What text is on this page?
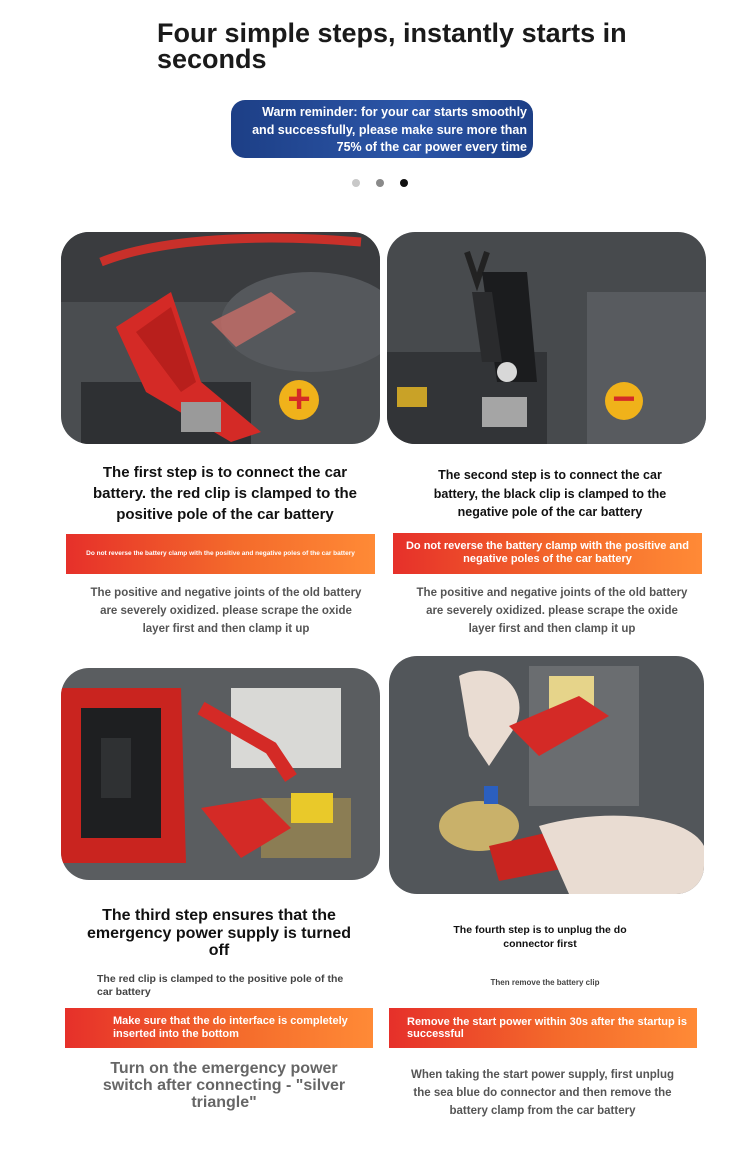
Four simple steps, instantly starts in seconds
Warm reminder: for your car starts smoothly and successfully, please make sure more than 75% of the car power every time
+	−
The first step is to connect the car battery. the red clip is clamped to the positive pole of the car battery
Do not reverse the battery clamp with the positive and negative poles of the car battery
The positive and negative joints of the old battery are severely oxidized. please scrape the oxide layer first and then clamp it up
The second step is to connect the car battery, the black clip is clamped to the negative pole of the car battery
Do not reverse the battery clamp with the positive and negative poles of the car battery
The positive and negative joints of the old battery are severely oxidized. please scrape the oxide layer first and then clamp it up
The third step ensures that the emergency power supply is turned off
The red clip is clamped to the positive pole of the car battery
Make sure that the do interface is completely inserted into the bottom
Turn on the emergency power switch after connecting - "silver triangle"
The fourth step is to unplug the do connector first
Then remove the battery clip
Remove the start power within 30s after the startup is successful
When taking the start power supply, first unplug the sea blue do connector and then remove the battery clamp from the car battery
